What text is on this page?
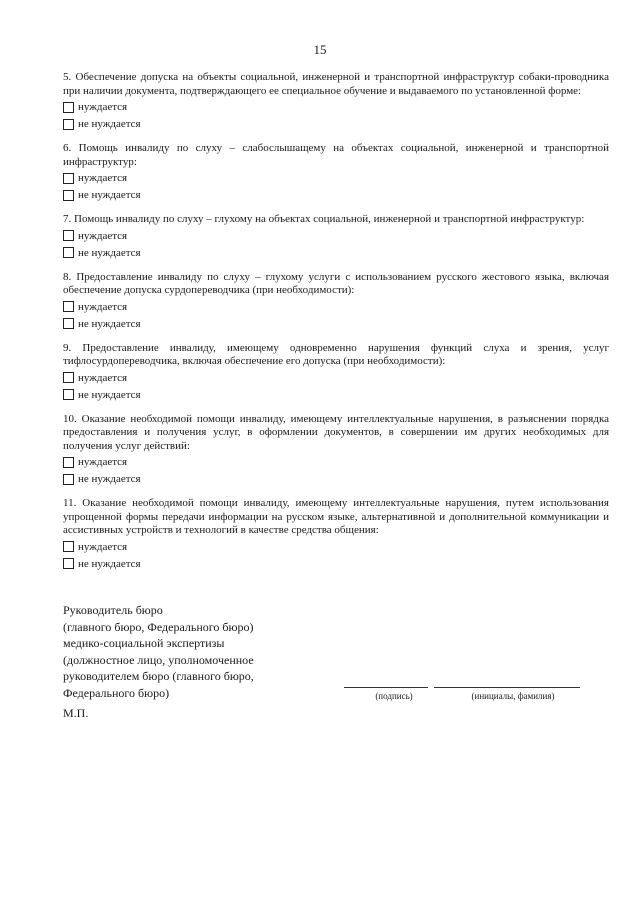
15

5. Обеспечение допуска на объекты социальной, инженерной и транспортной инфраструктур собаки-проводника при наличии документа, подтверждающего ее специальное обучение и выдаваемого по установленной форме:

нуждается
не нуждается

6. Помощь инвалиду по слуху – слабослышащему на объектах социальной, инженерной и транспортной инфраструктур:

нуждается
не нуждается

7. Помощь инвалиду по слуху – глухому на объектах социальной, инженерной и транспортной инфраструктур:

нуждается
не нуждается

8. Предоставление инвалиду по слуху – глухому услуги с использованием русского жестового языка, включая обеспечение допуска сурдопереводчика (при необходимости):

нуждается
не нуждается

9. Предоставление инвалиду, имеющему одновременно нарушения функций слуха и зрения, услуг тифлосурдопереводчика, включая обеспечение его допуска (при необходимости):

нуждается
не нуждается

10. Оказание необходимой помощи инвалиду, имеющему интеллектуальные нарушения, в разъяснении порядка предоставления и получения услуг, в оформлении документов, в совершении им других необходимых для получения услуг действий:

нуждается
не нуждается

11. Оказание необходимой помощи инвалиду, имеющему интеллектуальные нарушения, путем использования упрощенной формы передачи информации на русском языке, альтернативной и дополнительной коммуникации и ассистивных устройств и технологий в качестве средства общения:

нуждается
не нуждается
Руководитель бюро
(главного бюро, Федерального бюро)
медико-социальной экспертизы
(должностное лицо, уполномоченное
руководителем бюро (главного бюро,
Федерального бюро)	(подпись)	(инициалы, фамилия)
М.П.
